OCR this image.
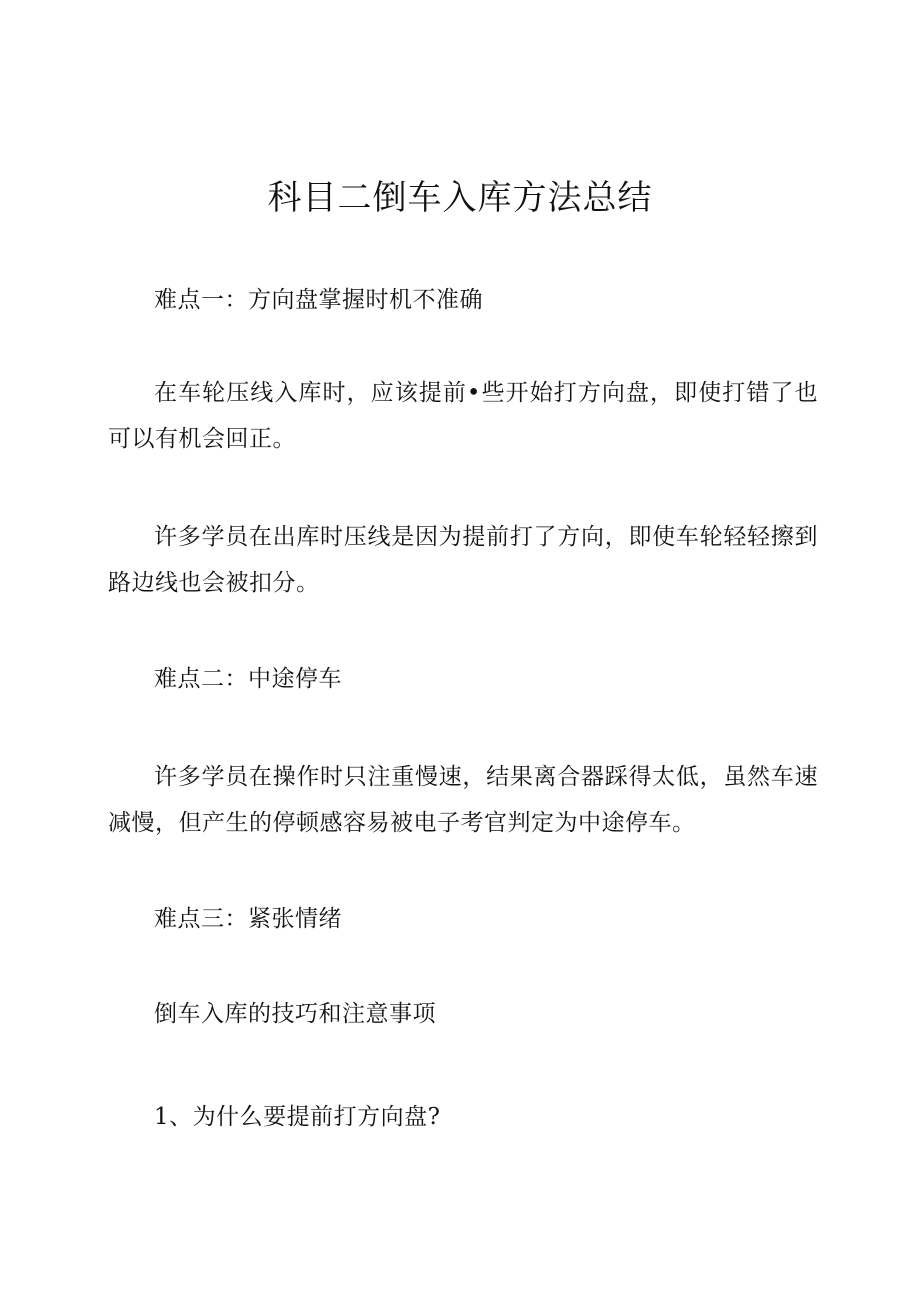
科目二倒车入库方法总结

难点一：方向盘掌握时机不准确

在车轮压线入库时，应该提前•些开始打方向盘，即使打错了也可以有机会回正。

许多学员在出库时压线是因为提前打了方向，即使车轮轻轻擦到路边线也会被扣分。

难点二：中途停车

许多学员在操作时只注重慢速，结果离合器踩得太低，虽然车速减慢，但产生的停顿感容易被电子考官判定为中途停车。

难点三：紧张情绪

倒车入库的技巧和注意事项

1、为什么要提前打方向盘?
